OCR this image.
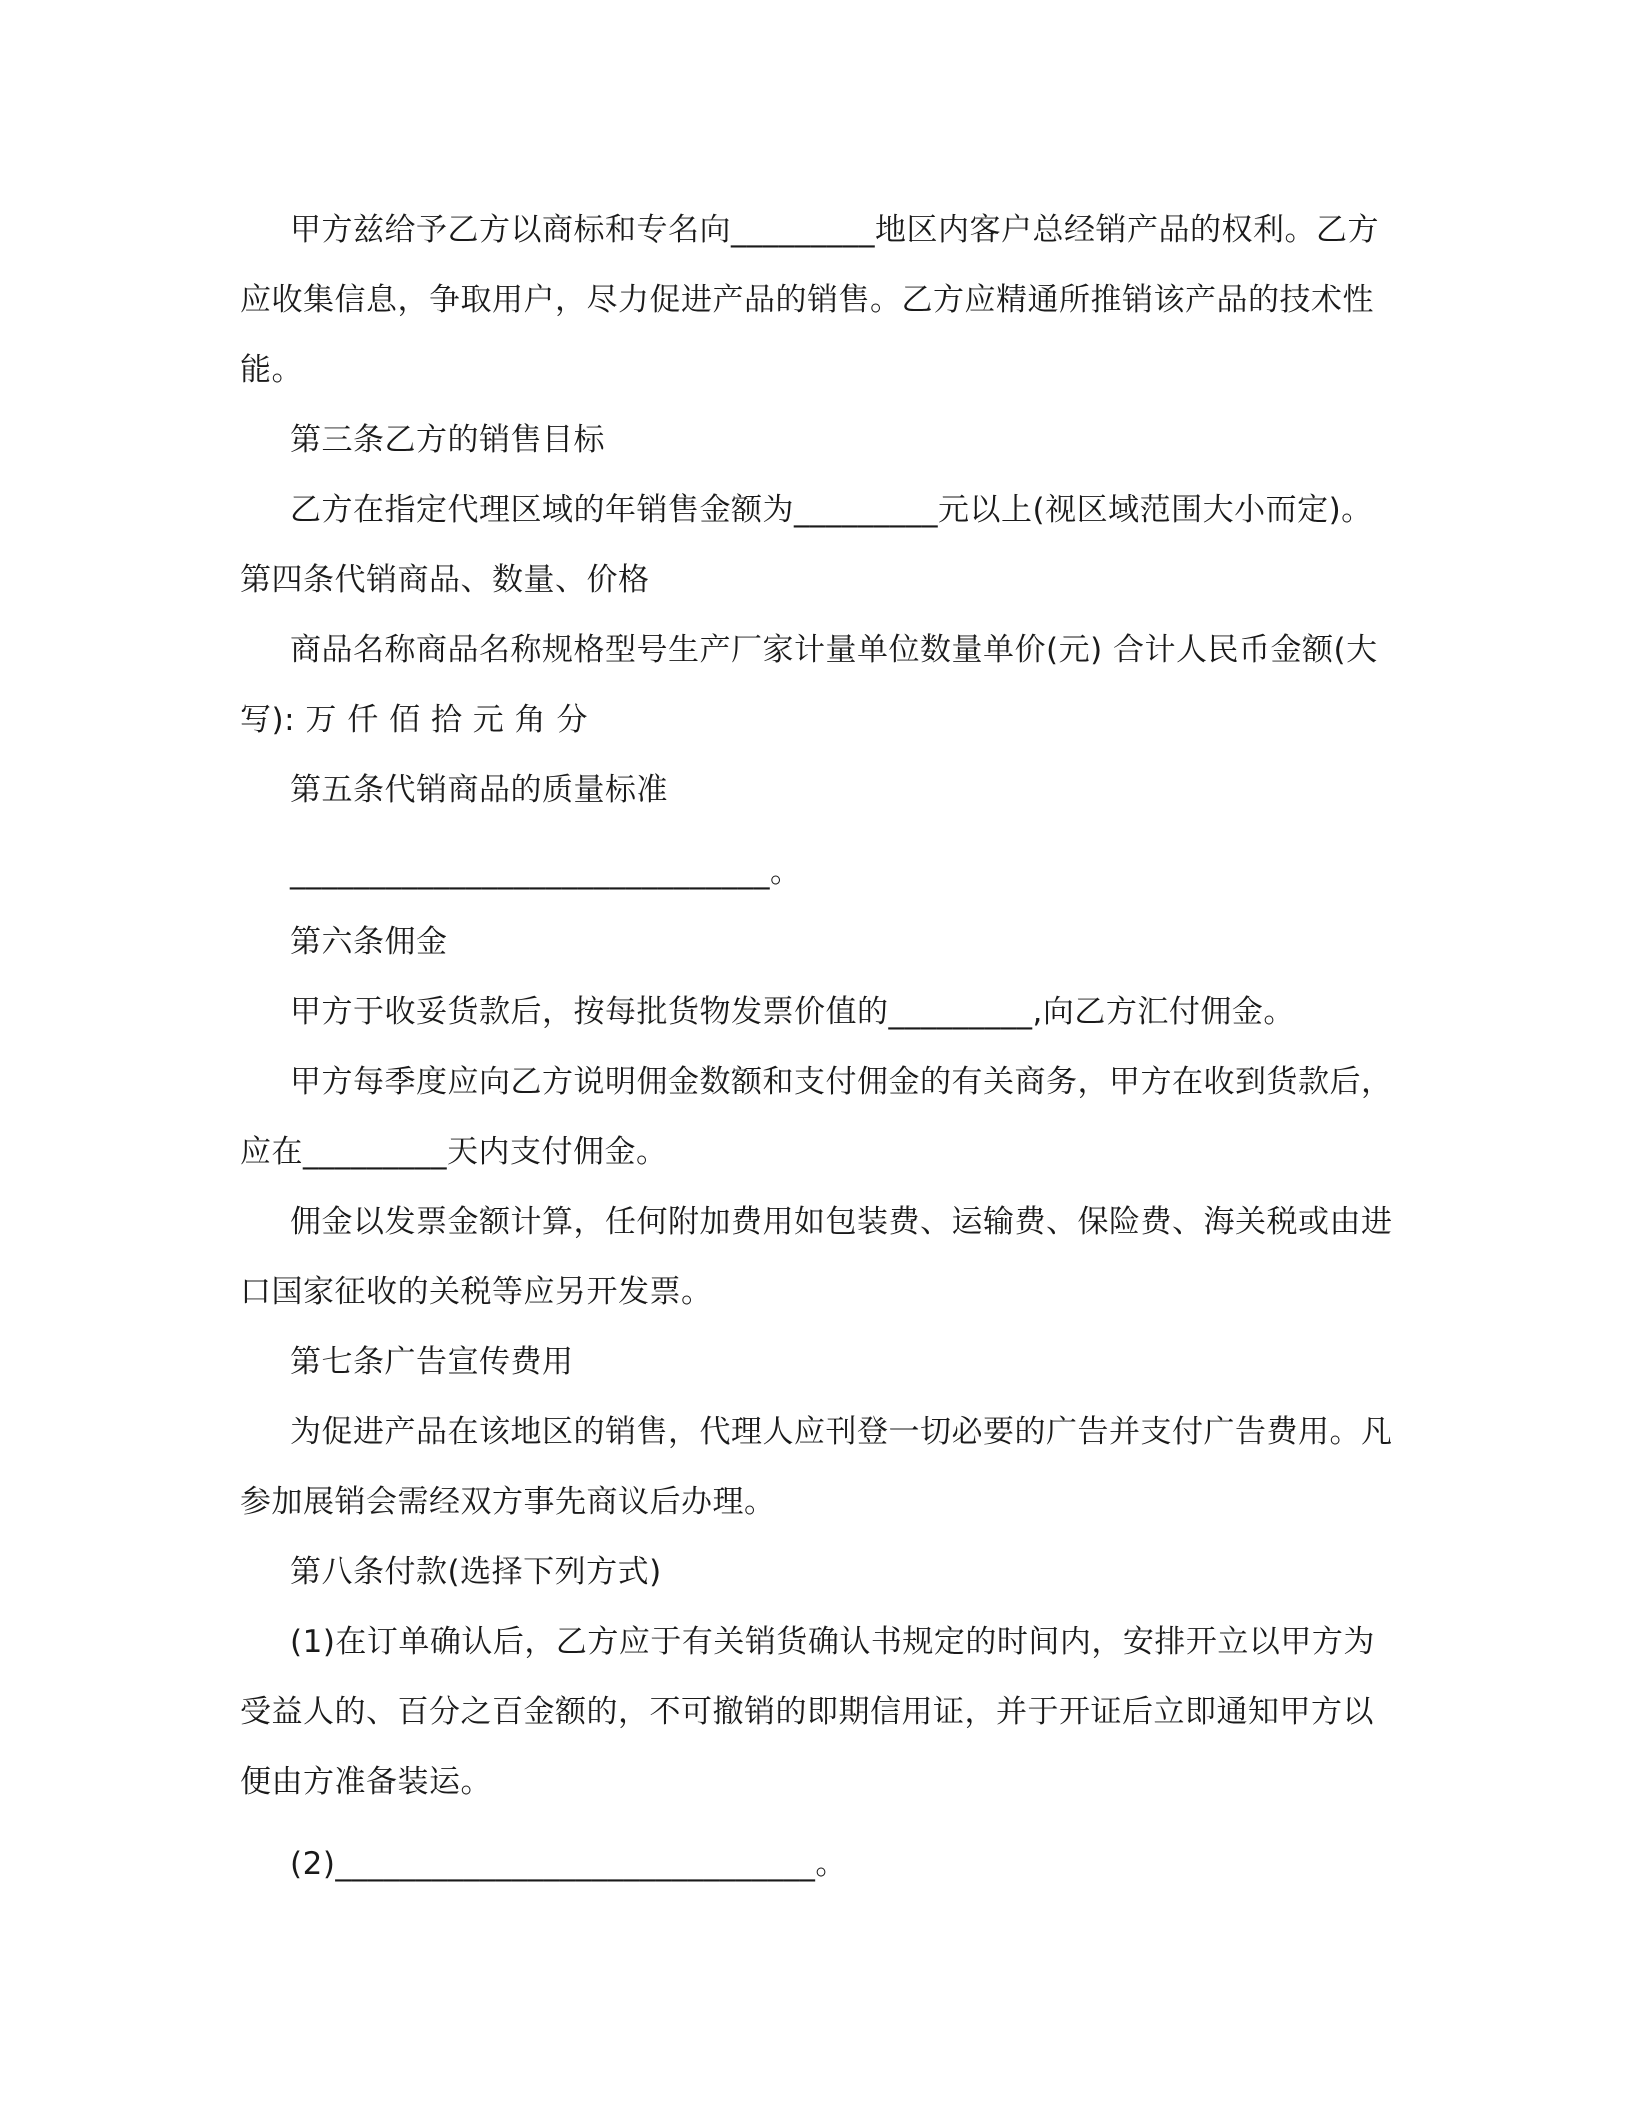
甲方兹给予乙方以商标和专名向_________地区内客户总经销产品的权利。乙方应收集信息，争取用户，尽力促进产品的销售。乙方应精通所推销该产品的技术性能。

第三条乙方的销售目标

乙方在指定代理区域的年销售金额为_________元以上(视区域范围大小而定)。 第四条代销商品、数量、价格

商品名称商品名称规格型号生产厂家计量单位数量单价(元) 合计人民币金额(大写): 万 仟 佰 拾 元 角 分

第五条代销商品的质量标准

______________________________。

第六条佣金

甲方于收妥货款后，按每批货物发票价值的_________,向乙方汇付佣金。

甲方每季度应向乙方说明佣金数额和支付佣金的有关商务，甲方在收到货款后，应在_________天内支付佣金。

佣金以发票金额计算，任何附加费用如包装费、运输费、保险费、海关税或由进口国家征收的关税等应另开发票。

第七条广告宣传费用

为促进产品在该地区的销售，代理人应刊登一切必要的广告并支付广告费用。凡参加展销会需经双方事先商议后办理。

第八条付款(选择下列方式)

(1)在订单确认后，乙方应于有关销货确认书规定的时间内，安排开立以甲方为受益人的、百分之百金额的，不可撤销的即期信用证，并于开证后立即通知甲方以便由方准备装运。

(2)______________________________。
